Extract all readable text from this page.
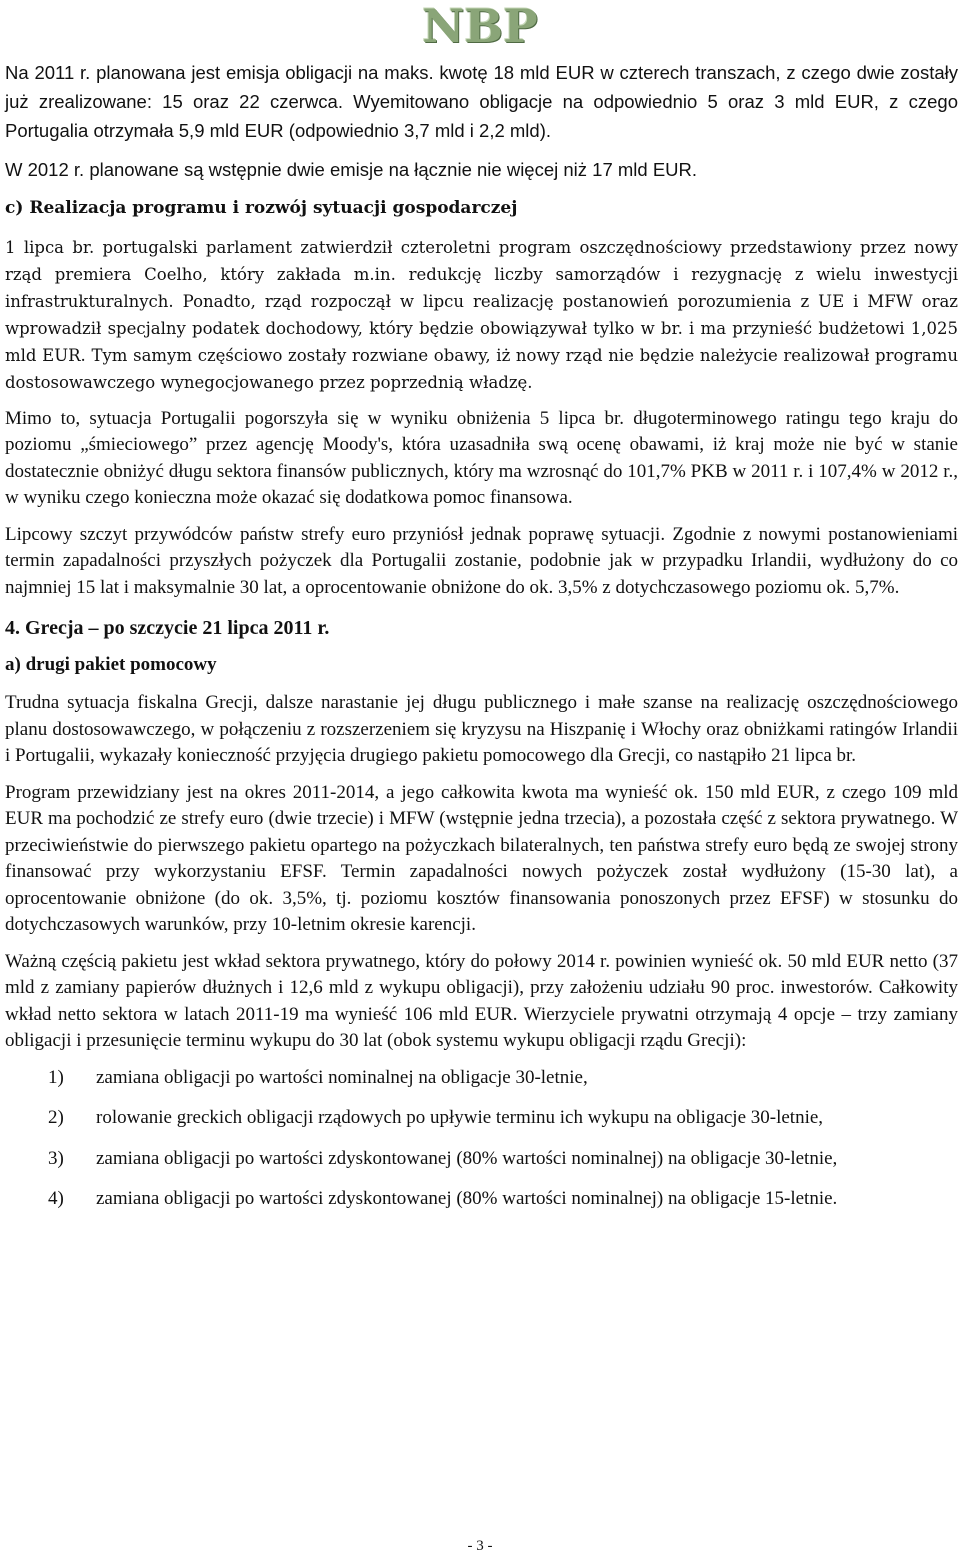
NBP

Na 2011 r. planowana jest emisja obligacji na maks. kwotę 18 mld EUR w czterech transzach, z czego dwie zostały już zrealizowane: 15 oraz 22 czerwca. Wyemitowano obligacje na odpowiednio 5 oraz 3 mld EUR, z czego Portugalia otrzymała 5,9 mld EUR (odpowiednio 3,7 mld i 2,2 mld).

W 2012 r. planowane są wstępnie dwie emisje na łącznie nie więcej niż 17 mld EUR.

c) Realizacja programu i rozwój sytuacji gospodarczej

1 lipca br. portugalski parlament zatwierdził czteroletni program oszczędnościowy przedstawiony przez nowy rząd premiera Coelho, który zakłada m.in. redukcję liczby samorządów i rezygnację z wielu inwestycji infrastrukturalnych. Ponadto, rząd rozpoczął w lipcu realizację postanowień porozumienia z UE i MFW oraz wprowadził specjalny podatek dochodowy, który będzie obowiązywał tylko w br. i ma przynieść budżetowi 1,025 mld EUR. Tym samym częściowo zostały rozwiane obawy, iż nowy rząd nie będzie należycie realizował programu dostosowawczego wynegocjowanego przez poprzednią władzę.

Mimo to, sytuacja Portugalii pogorszyła się w wyniku obniżenia 5 lipca br. długoterminowego ratingu tego kraju do poziomu „śmieciowego” przez agencję Moody's, która uzasadniła swą ocenę obawami, iż kraj może nie być w stanie dostatecznie obniżyć długu sektora finansów publicznych, który ma wzrosnąć do 101,7% PKB w 2011 r. i 107,4% w 2012 r., w wyniku czego konieczna może okazać się dodatkowa pomoc finansowa.

Lipcowy szczyt przywódców państw strefy euro przyniósł jednak poprawę sytuacji. Zgodnie z nowymi postanowieniami termin zapadalności przyszłych pożyczek dla Portugalii zostanie, podobnie jak w przypadku Irlandii, wydłużony do co najmniej 15 lat i maksymalnie 30 lat, a oprocentowanie obniżone do ok. 3,5% z dotychczasowego poziomu ok. 5,7%.

4. Grecja – po szczycie 21 lipca 2011 r.
a) drugi pakiet pomocowy

Trudna sytuacja fiskalna Grecji, dalsze narastanie jej długu publicznego i małe szanse na realizację oszczędnościowego planu dostosowawczego, w połączeniu z rozszerzeniem się kryzysu na Hiszpanię i Włochy oraz obniżkami ratingów Irlandii i Portugalii, wykazały konieczność przyjęcia drugiego pakietu pomocowego dla Grecji, co nastąpiło 21 lipca br.

Program przewidziany jest na okres 2011-2014, a jego całkowita kwota ma wynieść ok. 150 mld EUR, z czego 109 mld EUR ma pochodzić ze strefy euro (dwie trzecie) i MFW (wstępnie jedna trzecia), a pozostała część z sektora prywatnego. W przeciwieństwie do pierwszego pakietu opartego na pożyczkach bilateralnych, ten państwa strefy euro będą ze swojej strony finansować przy wykorzystaniu EFSF. Termin zapadalności nowych pożyczek został wydłużony (15-30 lat), a oprocentowanie obniżone (do ok. 3,5%, tj. poziomu kosztów finansowania ponoszonych przez EFSF) w stosunku do dotychczasowych warunków, przy 10-letnim okresie karencji.

Ważną częścią pakietu jest wkład sektora prywatnego, który do połowy 2014 r. powinien wynieść ok. 50 mld EUR netto (37 mld z zamiany papierów dłużnych i 12,6 mld z wykupu obligacji), przy założeniu udziału 90 proc. inwestorów. Całkowity wkład netto sektora w latach 2011-19 ma wynieść 106 mld EUR. Wierzyciele prywatni otrzymają 4 opcje – trzy zamiany obligacji i przesunięcie terminu wykupu do 30 lat (obok systemu wykupu obligacji rządu Grecji):

1)	zamiana obligacji po wartości nominalnej na obligacje 30-letnie,
2)	rolowanie greckich obligacji rządowych po upływie terminu ich wykupu na obligacje 30-letnie,
3)	zamiana obligacji po wartości zdyskontowanej (80% wartości nominalnej) na obligacje 30-letnie,
4)	zamiana obligacji po wartości zdyskontowanej (80% wartości nominalnej) na obligacje 15-letnie.
- 3 -
